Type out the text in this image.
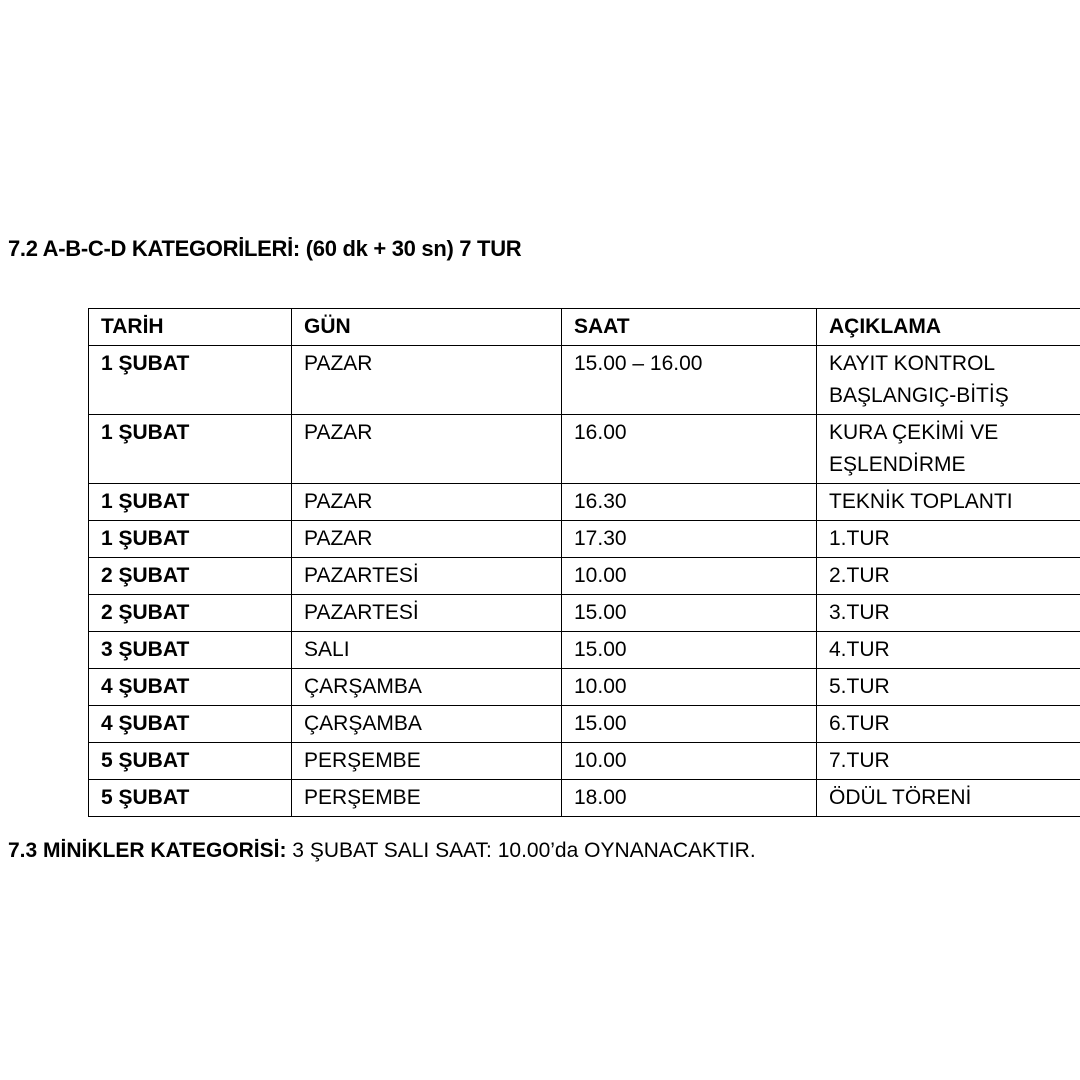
7.2 A-B-C-D KATEGORİLERİ: (60 dk + 30 sn) 7 TUR
TARİH	GÜN	SAAT	AÇIKLAMA
1 ŞUBAT	PAZAR	15.00 – 16.00	KAYIT KONTROL BAŞLANGIÇ-BİTİŞ
1 ŞUBAT	PAZAR	16.00	KURA ÇEKİMİ VE EŞLENDİRME
1 ŞUBAT	PAZAR	16.30	TEKNİK TOPLANTI
1 ŞUBAT	PAZAR	17.30	1.TUR
2 ŞUBAT	PAZARTESİ	10.00	2.TUR
2 ŞUBAT	PAZARTESİ	15.00	3.TUR
3 ŞUBAT	SALI	15.00	4.TUR
4 ŞUBAT	ÇARŞAMBA	10.00	5.TUR
4 ŞUBAT	ÇARŞAMBA	15.00	6.TUR
5 ŞUBAT	PERŞEMBE	10.00	7.TUR
5 ŞUBAT	PERŞEMBE	18.00	ÖDÜL TÖRENİ
7.3 MİNİKLER KATEGORİSİ: 3 ŞUBAT SALI SAAT: 10.00’da OYNANACAKTIR.
